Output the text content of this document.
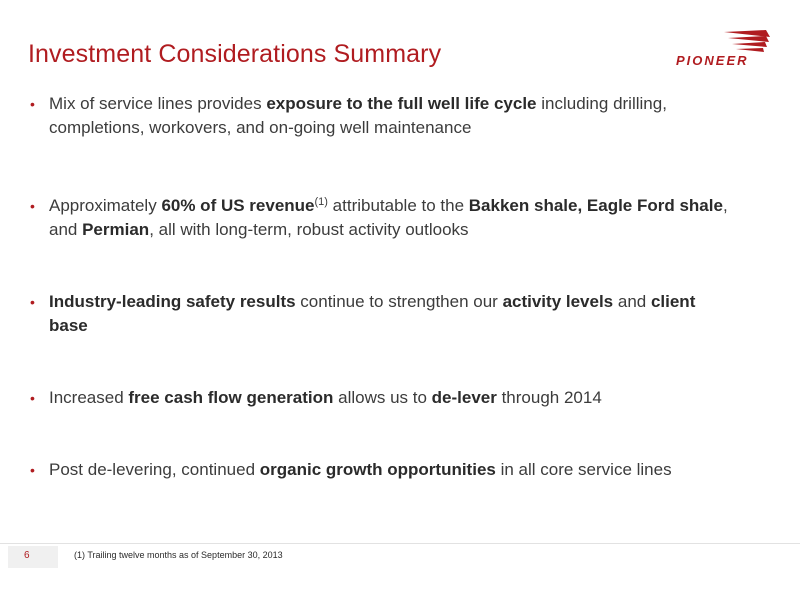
Investment Considerations Summary	PIONEER
• Mix of service lines provides exposure to the full well life cycle including drilling, completions, workovers, and on-going well maintenance
• Approximately 60% of US revenue$^{(1)}$ attributable to the Bakken shale, Eagle Ford shale, and Permian, all with long-term, robust activity outlooks
• Industry-leading safety results continue to strengthen our activity levels and client base
• Increased free cash flow generation allows us to de-lever through 2014
• Post de-levering, continued organic growth opportunities in all core service lines
6	(1) Trailing twelve months as of September 30, 2013
